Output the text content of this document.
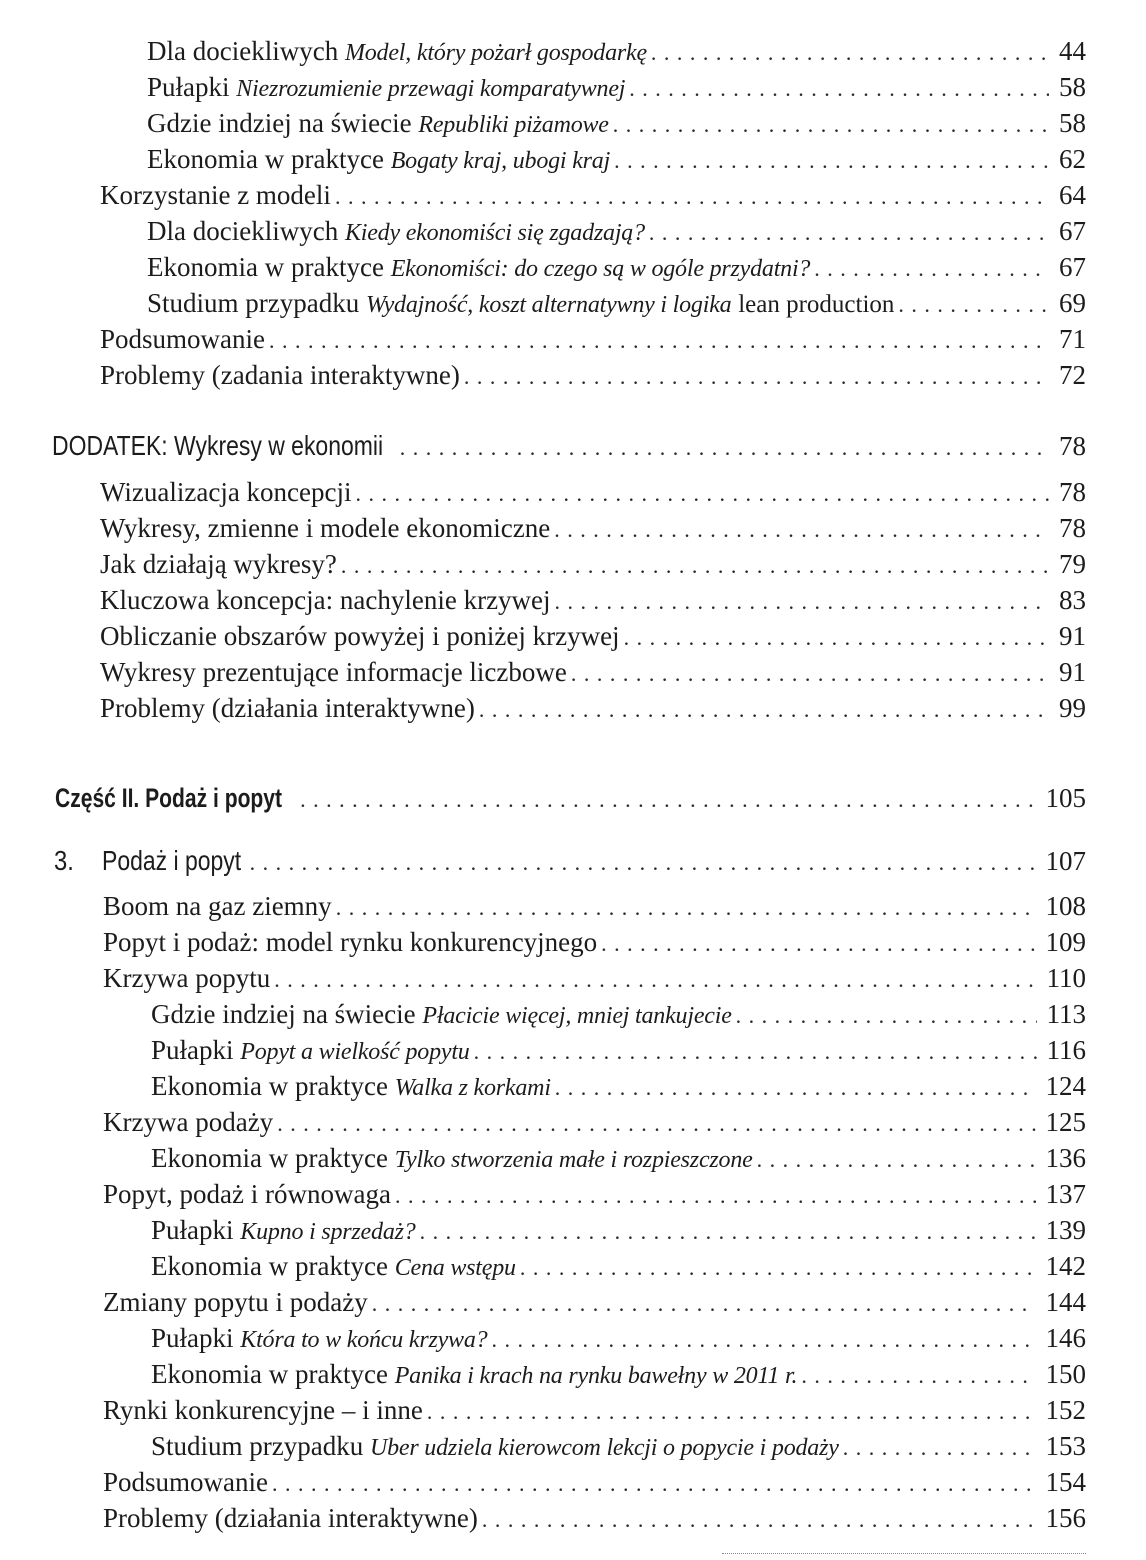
Dla dociekliwych Model, który pożarł gospodarkę . . .	44
Pułapki Niezrozumienie przewagi komparatywnej . . .	58
Gdzie indziej na świecie Republiki piżamowe . . .	58
Ekonomia w praktyce Bogaty kraj, ubogi kraj . . .	62
Korzystanie z modeli . . .	64
Dla dociekliwych Kiedy ekonomiści się zgadzają? . . .	67
Ekonomia w praktyce Ekonomiści: do czego są w ogóle przydatni? . . .	67
Studium przypadku Wydajność, koszt alternatywny i logika lean production . . .	69
Podsumowanie . . .	71
Problemy (zadania interaktywne) . . .	72
DODATEK: Wykresy w ekonomii . . .	78
Wizualizacja koncepcji . . .	78
Wykresy, zmienne i modele ekonomiczne . . .	78
Jak działają wykresy? . . .	79
Kluczowa koncepcja: nachylenie krzywej . . .	83
Obliczanie obszarów powyżej i poniżej krzywej . . .	91
Wykresy prezentujące informacje liczbowe . . .	91
Problemy (działania interaktywne) . . .	99
Część II. Podaż i popyt . . .	105
3. Podaż i popyt . . .	107
Boom na gaz ziemny . . .	108
Popyt i podaż: model rynku konkurencyjnego . . .	109
Krzywa popytu . . .	110
Gdzie indziej na świecie Płacicie więcej, mniej tankujecie . . .	113
Pułapki Popyt a wielkość popytu . . .	116
Ekonomia w praktyce Walka z korkami . . .	124
Krzywa podaży . . .	125
Ekonomia w praktyce Tylko stworzenia małe i rozpieszczone . . .	136
Popyt, podaż i równowaga . . .	137
Pułapki Kupno i sprzedaż? . . .	139
Ekonomia w praktyce Cena wstępu . . .	142
Zmiany popytu i podaży . . .	144
Pułapki Która to w końcu krzywa? . . .	146
Ekonomia w praktyce Panika i krach na rynku bawełny w 2011 r. . . .	150
Rynki konkurencyjne – i inne . . .	152
Studium przypadku Uber udziela kierowcom lekcji o popycie i podaży . . .	153
Podsumowanie . . .	154
Problemy (działania interaktywne) . . .	156
